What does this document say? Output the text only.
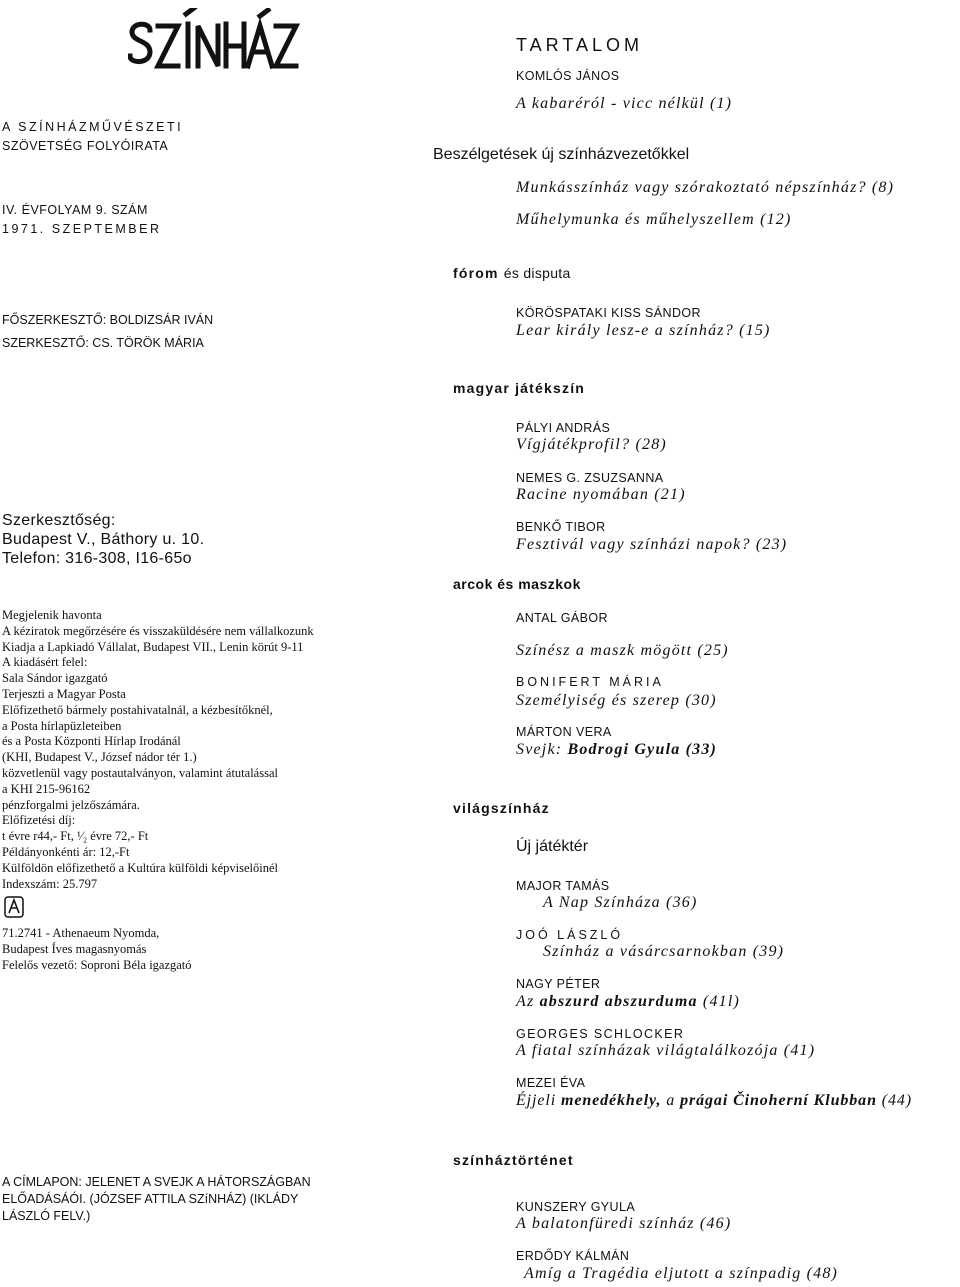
A SZÍNHÁZMŰVÉSZETI
SZÖVETSÉG FOLYÓIRATA
IV. ÉVFOLYAM 9. SZÁM
1971. SZEPTEMBER
FŐSZERKESZTŐ: BOLDIZSÁR IVÁN
SZERKESZTŐ: CS. TÖRÖK MÁRIA
Szerkesztőség:
Budapest V., Báthory u. 10.
Telefon: 316-308, I16-65o
Megjelenik havonta
A kéziratok megőrzésére és visszaküldésére nem vállalkozunk
Kiadja a Lapkiadó Vállalat, Budapest VII., Lenin körút 9-11
A kiadásért felel:
Sala Sándor igazgató
Terjeszti a Magyar Posta
Előfizethető bármely postahivatalnál, a kézbesítőknél,
a Posta hírlapüzleteiben
és a Posta Központi Hírlap Irodánál
(KHI, Budapest V., József nádor tér 1.)
közvetlenül vagy postautalványon, valamint átutalással
a KHI 215-96162
pénzforgalmi jelzőszámára.
Előfizetési díj:
t évre r44,- Ft, ¹⁄₂ évre 72,- Ft
Példányonkénti ár: 12,-Ft
Külföldön előfizethető a Kultúra külföldi képviselőinél
Indexszám: 25.797
71.2741 - Athenaeum Nyomda,
Budapest Íves magasnyomás
Felelős vezető: Soproni Béla igazgató
A CÍMLAPON: JELENET A SVEJK A HÁTORSZÁGBAN
ELŐADÁSÁÓI. (JÓZSEF ATTILA SZíNHÁZ) (IKLÁDY
LÁSZLÓ FELV.)
TARTALOM
KOMLÓS JÁNOS
A kabaréról - vicc nélkül (1)
Beszélgetések új színházvezetőkkel
Munkásszínház vagy szórakoztató népszínház? (8)
Műhelymunka és műhelyszellem (12)
fórom és disputa
KÖRÖSPATAKI KISS SÁNDOR
Lear király lesz-e a színház? (15)
magyar játékszín
PÁLYI ANDRÁS
Vígjátékprofil? (28)
NEMES G. ZSUZSANNA
Racine nyomában (21)
BENKŐ TIBOR
Fesztivál vagy színházi napok? (23)
arcok és maszkok
ANTAL GÁBOR
Színész a maszk mögött (25)
BONIFERT MÁRIA
Személyiség és szerep (30)
MÁRTON VERA
Svejk: Bodrogi Gyula (33)
világszínház
Új játéktér
MAJOR TAMÁS
A Nap Színháza (36)
JOÓ LÁSZLÓ
Színház a vásárcsarnokban (39)
NAGY PÉTER
Az abszurd abszurduma (41l)
GEORGES SCHLOCKER
A fiatal színházak világtalálkozója (41)
MEZEI ÉVA
Éjjeli menedékhely, a prágai Činoherní Klubban (44)
színháztörténet
KUNSZERY GYULA
A balatonfüredi színház (46)
ERDŐDY KÁLMÁN
Amíg a Tragédia eljutott a színpadig (48)
